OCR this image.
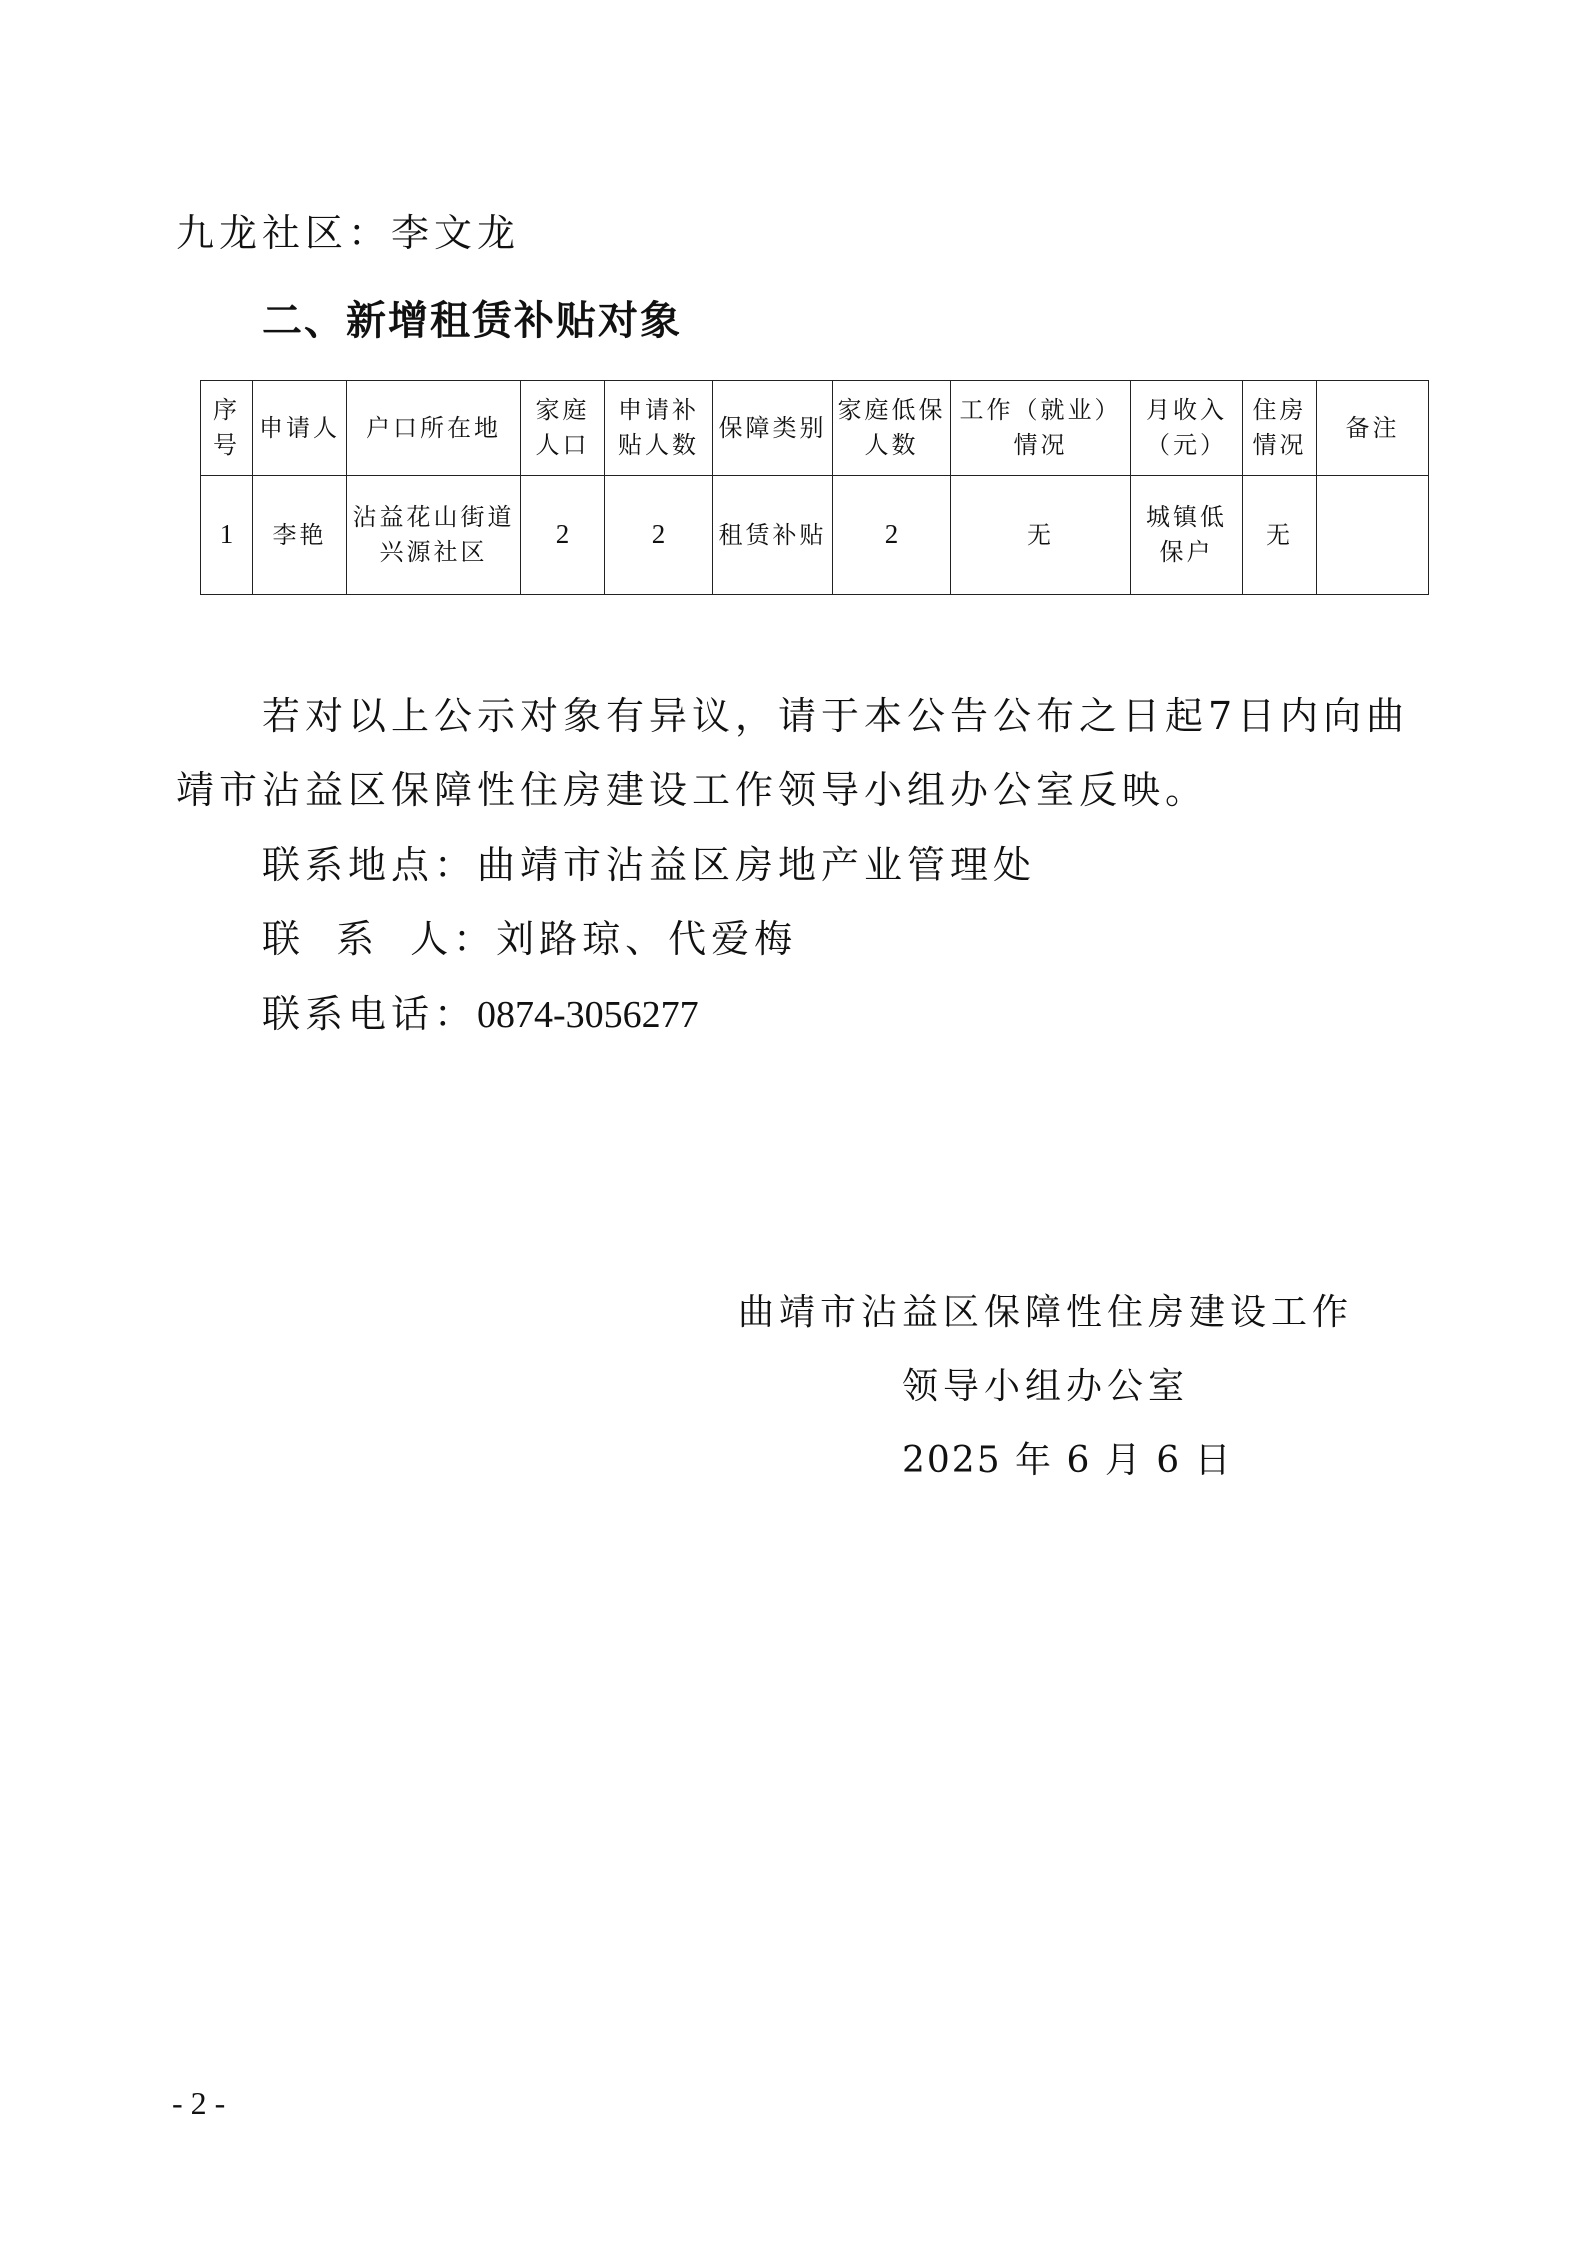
九龙社区：李文龙
二、新增租赁补贴对象
序号	申请人	户口所在地	家庭人口	申请补贴人数	保障类别	家庭低保人数	工作（就业）情况	月收入（元）	住房情况	备注
1	李艳	沾益花山街道兴源社区	2	2	租赁补贴	2	无	城镇低保户	无	
若对以上公示对象有异议，请于本公告公布之日起7日内向曲
靖市沾益区保障性住房建设工作领导小组办公室反映。
联系地点：曲靖市沾益区房地产业管理处
联 系 人：刘路琼、代爱梅
联系电话：0874-3056277
曲靖市沾益区保障性住房建设工作
领导小组办公室
2025 年 6 月 6 日
- 2 -
